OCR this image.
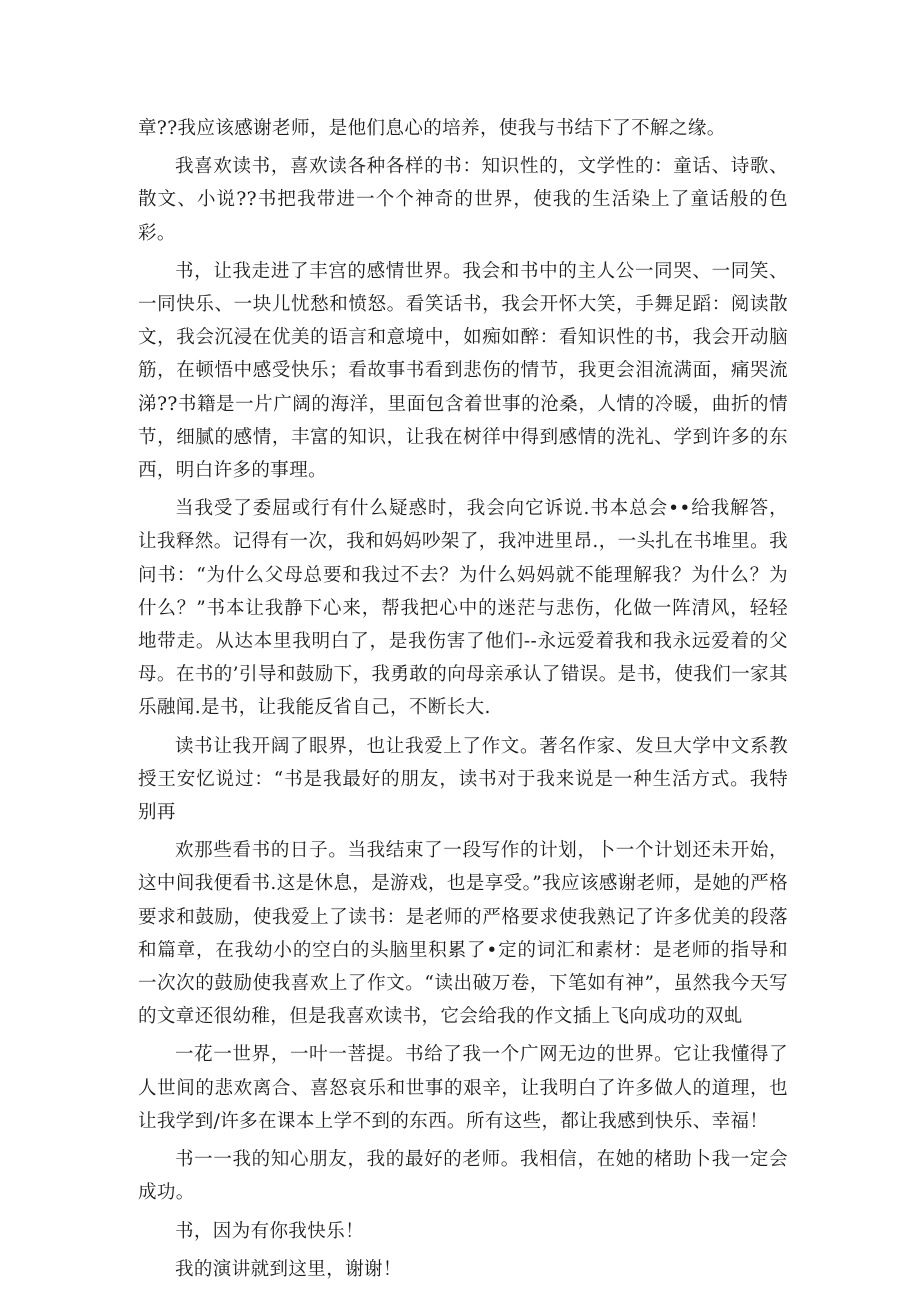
章??我应该感谢老师，是他们息心的培养，使我与书结下了不解之缘。

我喜欢读书，喜欢读各种各样的书：知识性的，文学性的：童话、诗歌、散文、小说??书把我带进一个个神奇的世界，使我的生活染上了童话般的色彩。

书，让我走进了丰宫的感情世界。我会和书中的主人公一同哭、一同笑、一同快乐、一块儿忧愁和愤怒。看笑话书，我会开怀大笑，手舞足蹈：阅读散文，我会沉浸在优美的语言和意境中，如痴如醉：看知识性的书，我会开动脑筋，在顿悟中感受快乐；看故事书看到悲伤的情节，我更会泪流满面，痛哭流涕??书籍是一片广阔的海洋，里面包含着世事的沧桑，人情的冷暖，曲折的情节，细腻的感情，丰富的知识，让我在树徉中得到感情的洗礼、学到许多的东西，明白许多的事理。

当我受了委屈或行有什么疑惑时，我会向它诉说.书本总会••给我解答，让我释然。记得有一次，我和妈妈吵架了，我冲进里昂.，一头扎在书堆里。我问书：“为什么父母总要和我过不去？为什么妈妈就不能理解我？为什么？为什么？”书本让我静下心来，帮我把心中的迷茫与悲伤，化做一阵清风，轻轻地带走。从达本里我明白了，是我伤害了他们--永远爱着我和我永远爱着的父母。在书的’引导和鼓励下，我勇敢的向母亲承认了错误。是书，使我们一家其乐融闻.是书，让我能反省自己，不断长大.

读书让我开阔了眼界，也让我爱上了作文。著名作家、发旦大学中文系教授王安忆说过：“书是我最好的朋友，读书对于我来说是一种生活方式。我特别再

欢那些看书的日子。当我结束了一段写作的计划，卜一个计划还未开始，这中间我便看书.这是休息，是游戏，也是享受。”我应该感谢老师，是她的严格要求和鼓励，使我爱上了读书：是老师的严格要求使我熟记了许多优美的段落和篇章，在我幼小的空白的头脑里积累了•定的词汇和素材：是老师的指导和一次次的鼓励使我喜欢上了作文。“读出破万卷，下笔如有神”，虽然我今天写的文章还很幼稚，但是我喜欢读书，它会给我的作文插上飞向成功的双虬

一花一世界，一叶一菩提。书给了我一个广网无边的世界。它让我懂得了人世间的悲欢离合、喜怒哀乐和世事的艰辛，让我明白了许多做人的道理，也让我学到/许多在课本上学不到的东西。所有这些，都让我感到快乐、幸福！

书一一我的知心朋友，我的最好的老师。我相信，在她的楮助卜我一定会成功。

书，因为有你我快乐！

我的演讲就到这里，谢谢！
